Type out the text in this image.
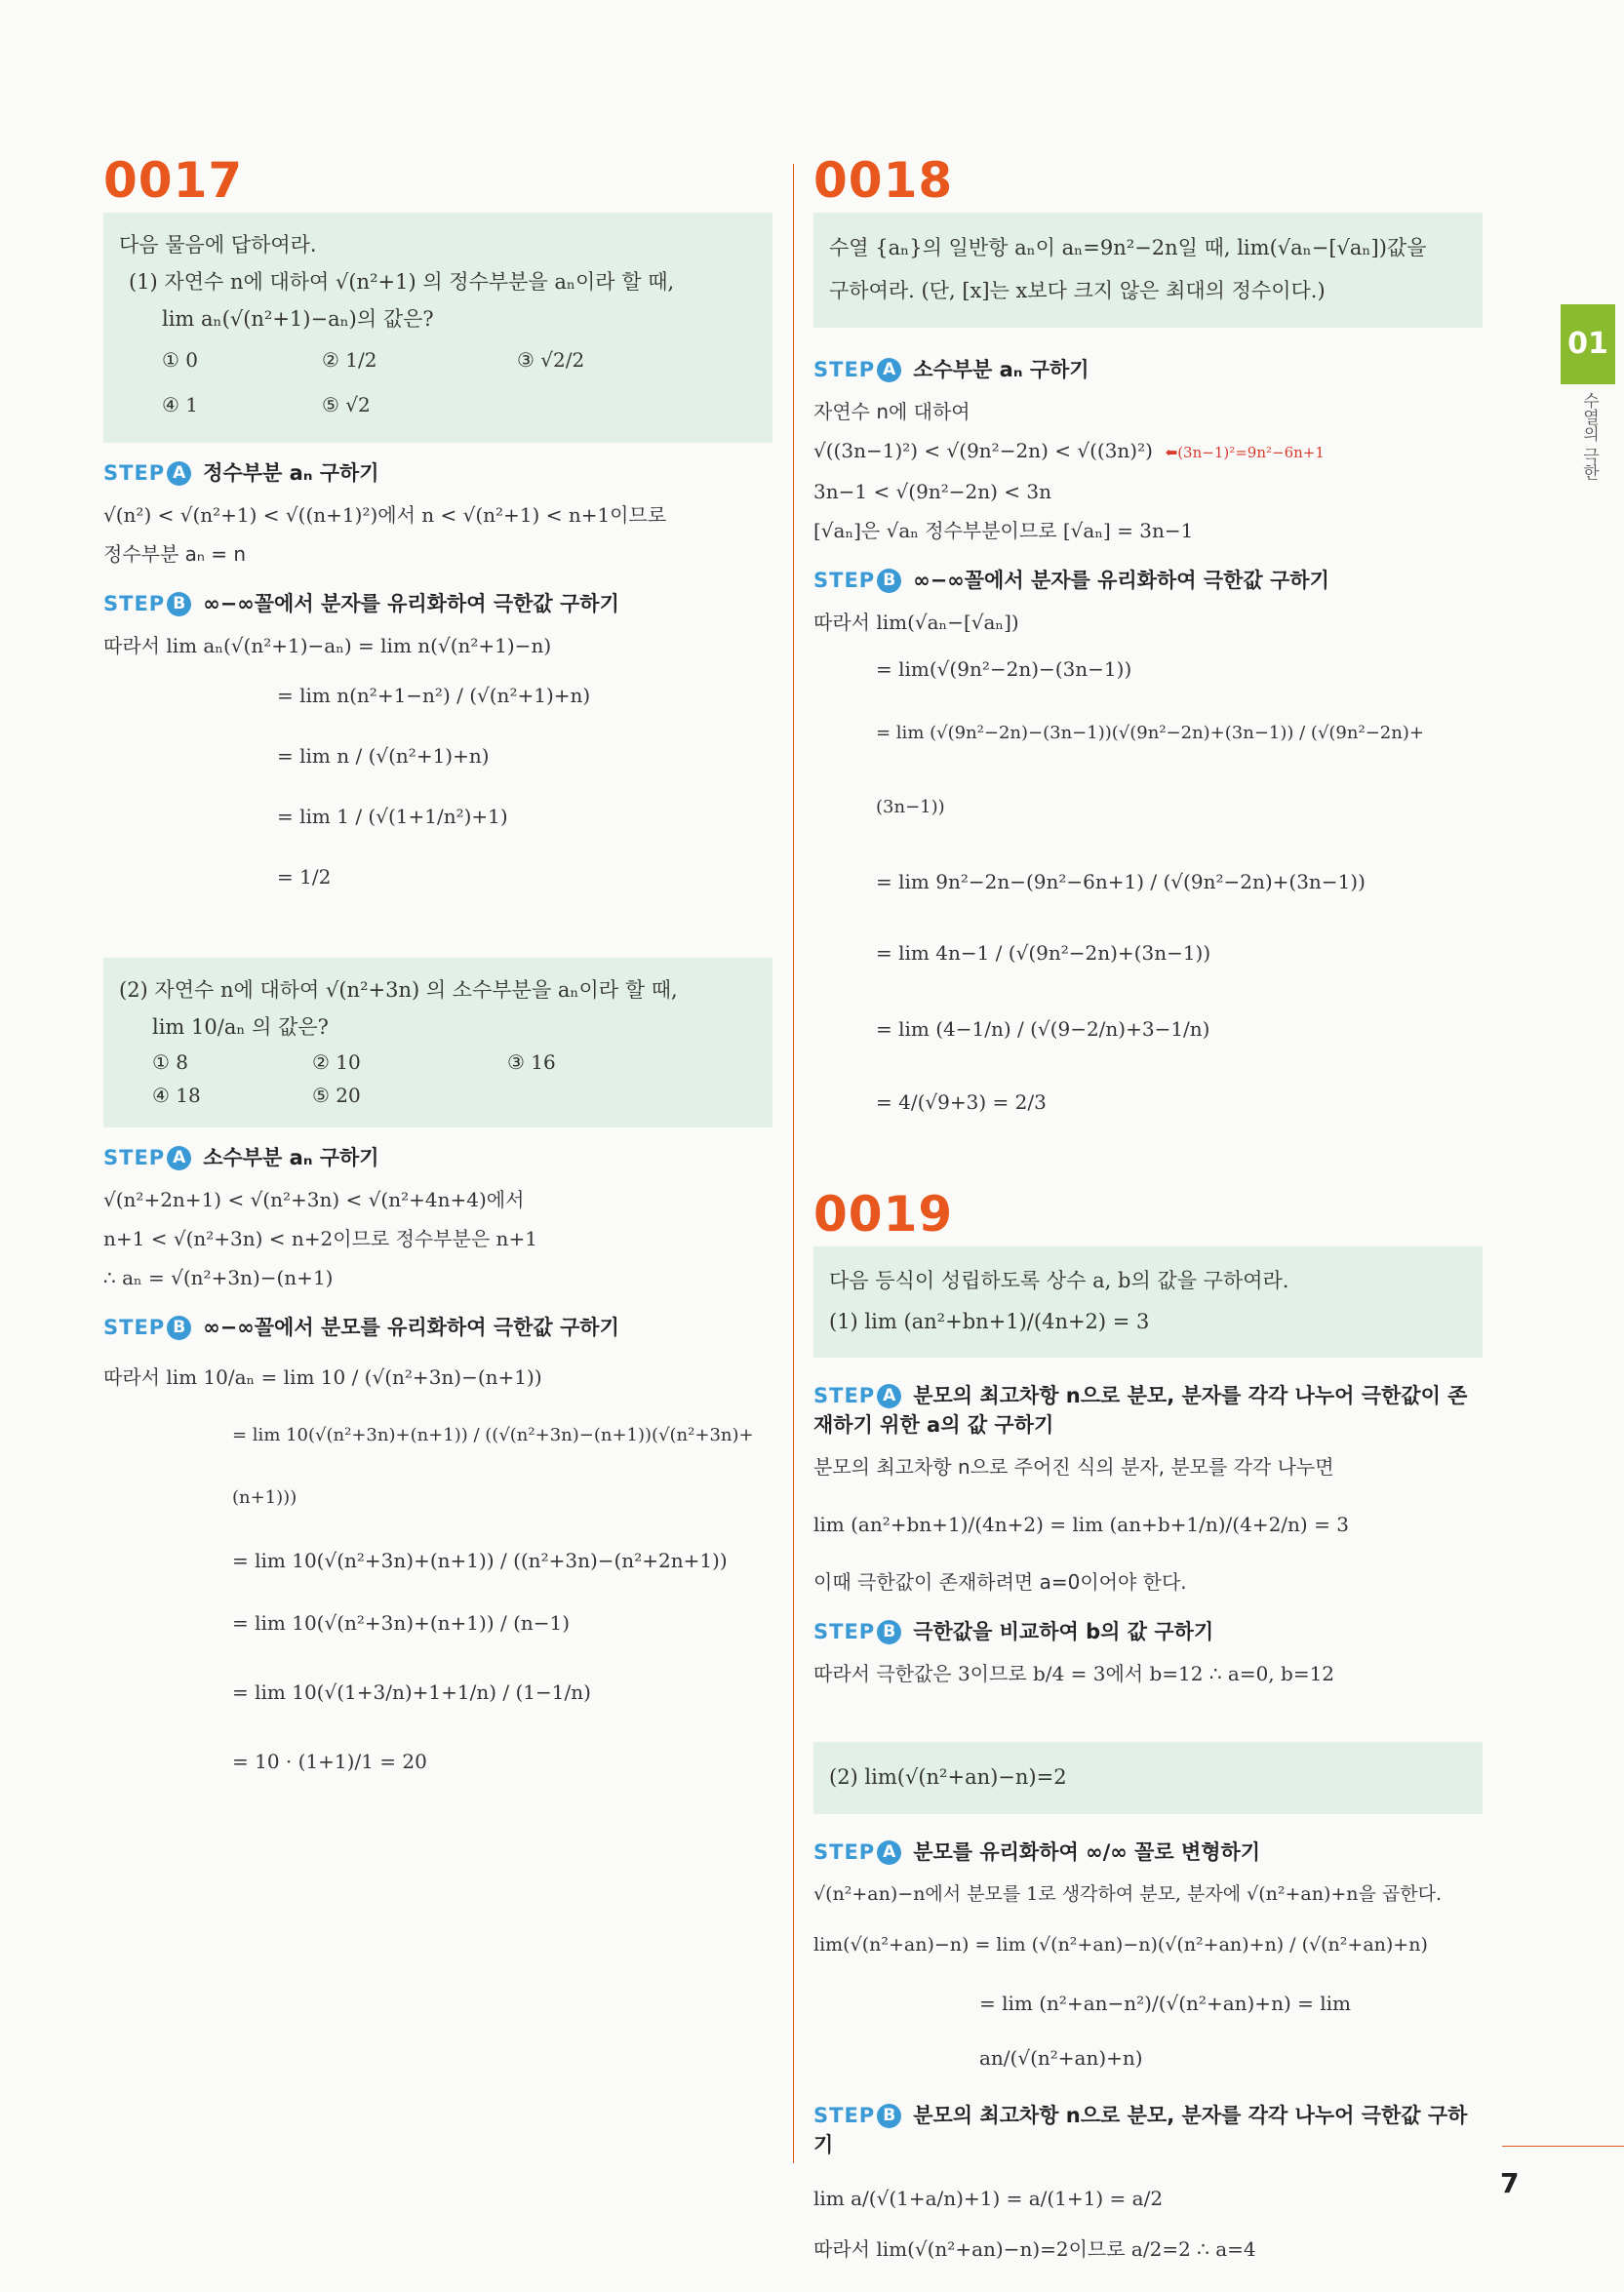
0017
다음 물음에 답하여라.
(1) 자연수 n에 대하여 √(n²+1) 의 정수부분을 aₙ이라 할 때,
lim aₙ(√(n²+1)−aₙ)의 값은?
① 0	② 1/2	③ √2/2
④ 1	⑤ √2
STEP A 정수부분 aₙ 구하기
√(n²) < √(n²+1) < √((n+1)²)에서 n < √(n²+1) < n+1이므로
정수부분 aₙ = n
STEP B ∞−∞꼴에서 분자를 유리화하여 극한값 구하기
따라서 lim aₙ(√(n²+1)−aₙ) = lim n(√(n²+1)−n)
= lim n(n²+1−n²) / (√(n²+1)+n)
= lim n / (√(n²+1)+n)
= lim 1 / (√(1+1/n²)+1)
= 1/2
(2) 자연수 n에 대하여 √(n²+3n) 의 소수부분을 aₙ이라 할 때,
lim 10/aₙ 의 값은?
① 8	② 10	③ 16
④ 18	⑤ 20
STEP A 소수부분 aₙ 구하기
√(n²+2n+1) < √(n²+3n) < √(n²+4n+4)에서
n+1 < √(n²+3n) < n+2이므로 정수부분은 n+1
∴ aₙ = √(n²+3n)−(n+1)
STEP B ∞−∞꼴에서 분모를 유리화하여 극한값 구하기
따라서 lim 10/aₙ = lim 10 / (√(n²+3n)−(n+1))
= lim 10(√(n²+3n)+(n+1)) / ((√(n²+3n)−(n+1))(√(n²+3n)+(n+1)))
= lim 10(√(n²+3n)+(n+1)) / ((n²+3n)−(n²+2n+1))
= lim 10(√(n²+3n)+(n+1)) / (n−1)
= lim 10(√(1+3/n)+1+1/n) / (1−1/n)
= 10 · (1+1)/1 = 20
0018
수열 {aₙ}의 일반항 aₙ이 aₙ=9n²−2n일 때, lim(√aₙ−[√aₙ])값을
구하여라. (단, [x]는 x보다 크지 않은 최대의 정수이다.)
STEP A 소수부분 aₙ 구하기
자연수 n에 대하여
√((3n−1)²) < √(9n²−2n) < √((3n)²) ⬅(3n−1)²=9n²−6n+1
3n−1 < √(9n²−2n) < 3n
[√aₙ]은 √aₙ 정수부분이므로 [√aₙ] = 3n−1
STEP B ∞−∞꼴에서 분자를 유리화하여 극한값 구하기
따라서 lim(√aₙ−[√aₙ])
= lim(√(9n²−2n)−(3n−1))
= lim (√(9n²−2n)−(3n−1))(√(9n²−2n)+(3n−1)) / (√(9n²−2n)+(3n−1))
= lim 9n²−2n−(9n²−6n+1) / (√(9n²−2n)+(3n−1))
= lim 4n−1 / (√(9n²−2n)+(3n−1))
= lim (4−1/n) / (√(9−2/n)+3−1/n)
= 4/(√9+3) = 2/3
0019
다음 등식이 성립하도록 상수 a, b의 값을 구하여라.
(1) lim (an²+bn+1)/(4n+2) = 3
STEP A 분모의 최고차항 n으로 분모, 분자를 각각 나누어 극한값이 존재하기 위한 a의 값 구하기
분모의 최고차항 n으로 주어진 식의 분자, 분모를 각각 나누면
lim (an²+bn+1)/(4n+2) = lim (an+b+1/n)/(4+2/n) = 3
이때 극한값이 존재하려면 a=0이어야 한다.
STEP B 극한값을 비교하여 b의 값 구하기
따라서 극한값은 3이므로 b/4 = 3에서 b=12 ∴ a=0, b=12
(2) lim(√(n²+an)−n)=2
STEP A 분모를 유리화하여 ∞/∞ 꼴로 변형하기
√(n²+an)−n에서 분모를 1로 생각하여 분모, 분자에 √(n²+an)+n을 곱한다.
lim(√(n²+an)−n) = lim (√(n²+an)−n)(√(n²+an)+n) / (√(n²+an)+n)
= lim (n²+an−n²)/(√(n²+an)+n) = lim an/(√(n²+an)+n)
STEP B 분모의 최고차항 n으로 분모, 분자를 각각 나누어 극한값 구하기
lim a/(√(1+a/n)+1) = a/(1+1) = a/2
따라서 lim(√(n²+an)−n)=2이므로 a/2=2 ∴ a=4
01
수열의 극한
7
